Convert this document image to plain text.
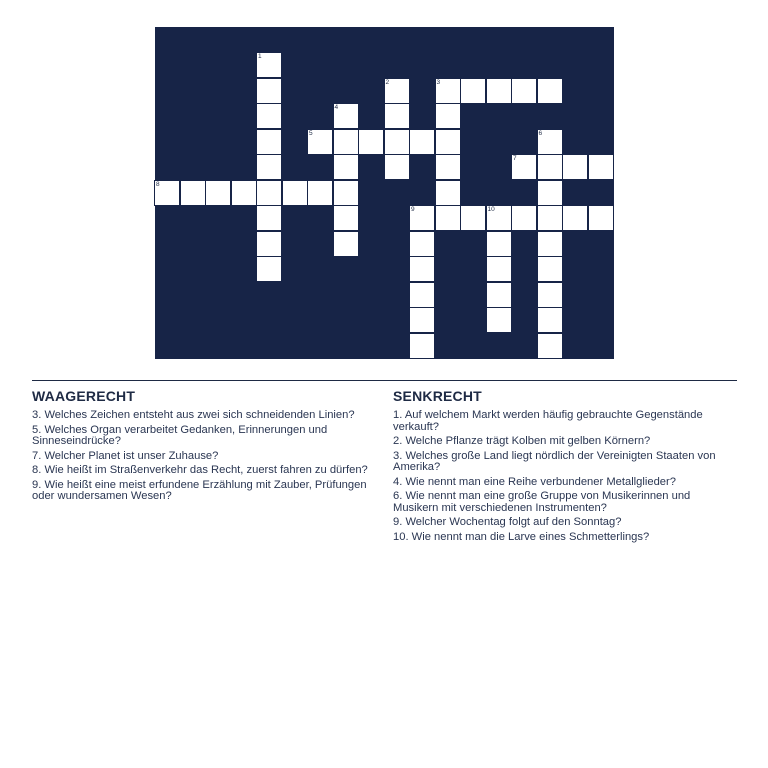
1
2	3
4
5	6
7
8
9	10
WAAGERECHT
3. Welches Zeichen entsteht aus zwei sich schneidenden Linien?
5. Welches Organ verarbeitet Gedanken, Erinnerungen und Sinneseindrücke?
7. Welcher Planet ist unser Zuhause?
8. Wie heißt im Straßenverkehr das Recht, zuerst fahren zu dürfen?
9. Wie heißt eine meist erfundene Erzählung mit Zauber, Prüfungen oder wundersamen Wesen?
SENKRECHT
1. Auf welchem Markt werden häufig gebrauchte Gegenstände verkauft?
2. Welche Pflanze trägt Kolben mit gelben Körnern?
3. Welches große Land liegt nördlich der Vereinigten Staaten von Amerika?
4. Wie nennt man eine Reihe verbundener Metallglieder?
6. Wie nennt man eine große Gruppe von Musikerinnen und Musikern mit verschiedenen Instrumenten?
9. Welcher Wochentag folgt auf den Sonntag?
10. Wie nennt man die Larve eines Schmetterlings?
